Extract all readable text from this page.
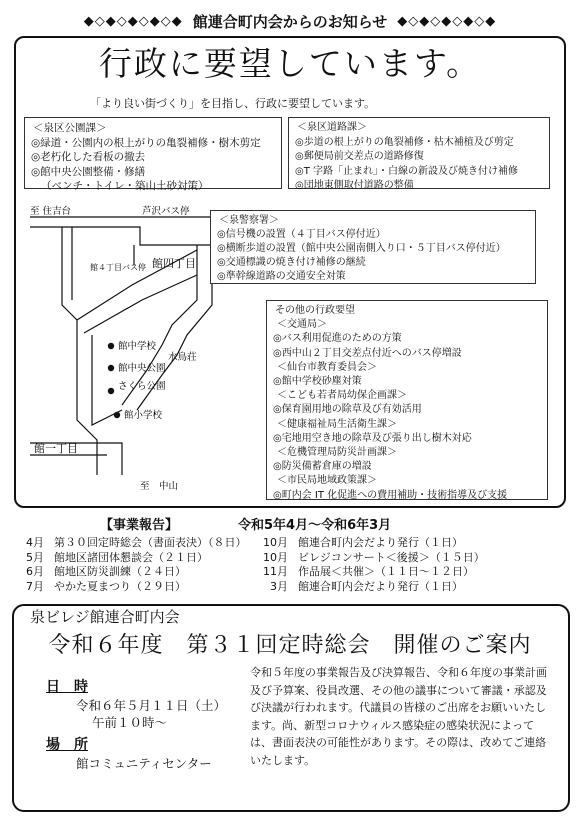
◆◇◆◇◆◇◆◇◆ 館連合町内会からのお知らせ ◆◇◆◇◆◇◆◇◆
行政に要望しています。
「より良い街づくり」を目指し、行政に要望しています。
＜泉区公園課＞
◎緑道・公園内の根上がりの亀裂補修・樹木剪定
◎老朽化した看板の撤去
◎館中央公園整備・修繕
（ベンチ・トイレ・築山土砂対策）
＜泉区道路課＞
◎歩道の根上がりの亀裂補修・枯木補植及び剪定
◎郵便局前交差点の道路修復
◎T 字路「止まれ」・白線の新設及び焼き付け補修
◎団地東側取付道路の整備
至 住吉台	芦沢バス停
館四丁目
館４丁目バス停
館中学校
館中央公園
水鳥荘
さくら公園
館小学校
館一丁目
至　中山
＜泉警察署＞
◎信号機の設置（４丁目バス停付近）
◎横断歩道の設置（館中央公園南側入り口・５丁目バス停付近）
◎交通標識の焼き付け補修の継続
◎準幹線道路の交通安全対策
その他の行政要望
＜交通局＞
◎バス利用促進のための方策
◎西中山２丁目交差点付近へのバス停増設
＜仙台市教育委員会＞
◎館中学校砂塵対策
＜こども若者局幼保企画課＞
◎保育園用地の除草及び有効活用
＜健康福祉局生活衛生課＞
◎宅地用空き地の除草及び張り出し樹木対応
＜危機管理局防災計画課＞
◎防災備蓄倉庫の増設
＜市民局地域政策課＞
◎町内会 IT 化促進への費用補助・技術指導及び支援
【事業報告】	令和5年4月～令和6年3月
4月 第３０回定時総会（書面表決）（８日）
5月 館地区諸団体懇談会（２１日）
6月 館地区防災訓練（２４日）
7月 やかた夏まつり（２９日）
10月 館連合町内会だより発行（１日）
10月 ビレジコンサート＜後援＞（１５日）
11月 作品展＜共催＞（１１日～１２日）
3月 館連合町内会だより発行（１日）
泉ビレジ館連合町内会
令和６年度　第３１回定時総会　開催のご案内
日　時
令和６年５月１１日（土）
午前１０時～
場　所
館コミュニティセンター
令和５年度の事業報告及び決算報告、令和６年度の事業計画及び予算案、役員改選、その他の議事について審議・承認及び決議が行われます。代議員の皆様のご出席をお願いいたします。尚、新型コロナウィルス感染症の感染状況によっては、書面表決の可能性があります。その際は、改めてご連絡いたします。
